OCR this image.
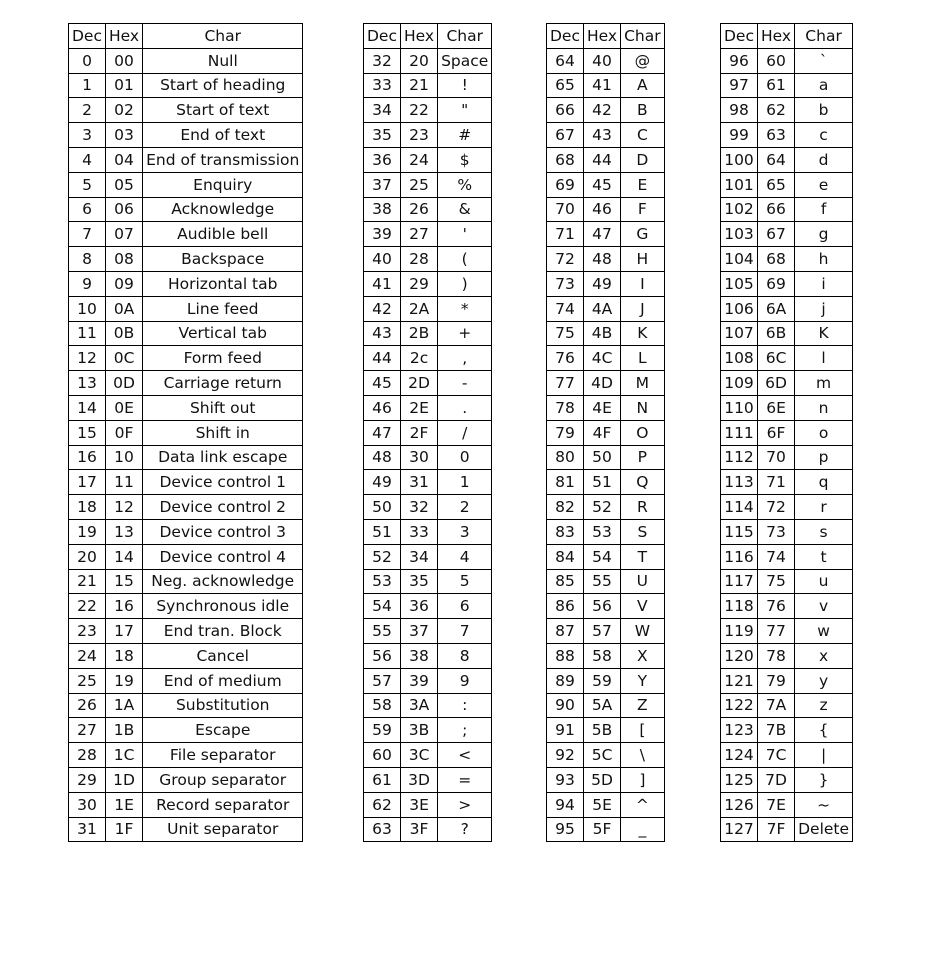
Dec	Hex	Char
0	00	Null
1	01	Start of heading
2	02	Start of text
3	03	End of text
4	04	End of transmission
5	05	Enquiry
6	06	Acknowledge
7	07	Audible bell
8	08	Backspace
9	09	Horizontal tab
10	0A	Line feed
11	0B	Vertical tab
12	0C	Form feed
13	0D	Carriage return
14	0E	Shift out
15	0F	Shift in
16	10	Data link escape
17	11	Device control 1
18	12	Device control 2
19	13	Device control 3
20	14	Device control 4
21	15	Neg. acknowledge
22	16	Synchronous idle
23	17	End tran. Block
24	18	Cancel
25	19	End of medium
26	1A	Substitution
27	1B	Escape
28	1C	File separator
29	1D	Group separator
30	1E	Record separator
31	1F	Unit separator
Dec	Hex	Char
32	20	Space
33	21	!
34	22	"
35	23	#
36	24	$
37	25	%
38	26	&
39	27	'
40	28	(
41	29	)
42	2A	*
43	2B	+
44	2c	,
45	2D	-
46	2E	.
47	2F	/
48	30	0
49	31	1
50	32	2
51	33	3
52	34	4
53	35	5
54	36	6
55	37	7
56	38	8
57	39	9
58	3A	:
59	3B	;
60	3C	<
61	3D	=
62	3E	>
63	3F	?
Dec	Hex	Char
64	40	@
65	41	A
66	42	B
67	43	C
68	44	D
69	45	E
70	46	F
71	47	G
72	48	H
73	49	I
74	4A	J
75	4B	K
76	4C	L
77	4D	M
78	4E	N
79	4F	O
80	50	P
81	51	Q
82	52	R
83	53	S
84	54	T
85	55	U
86	56	V
87	57	W
88	58	X
89	59	Y
90	5A	Z
91	5B	[
92	5C	\
93	5D	]
94	5E	^
95	5F	_
Dec	Hex	Char
96	60	`
97	61	a
98	62	b
99	63	c
100	64	d
101	65	e
102	66	f
103	67	g
104	68	h
105	69	i
106	6A	j
107	6B	K
108	6C	l
109	6D	m
110	6E	n
111	6F	o
112	70	p
113	71	q
114	72	r
115	73	s
116	74	t
117	75	u
118	76	v
119	77	w
120	78	x
121	79	y
122	7A	z
123	7B	{
124	7C	|
125	7D	}
126	7E	~
127	7F	Delete
